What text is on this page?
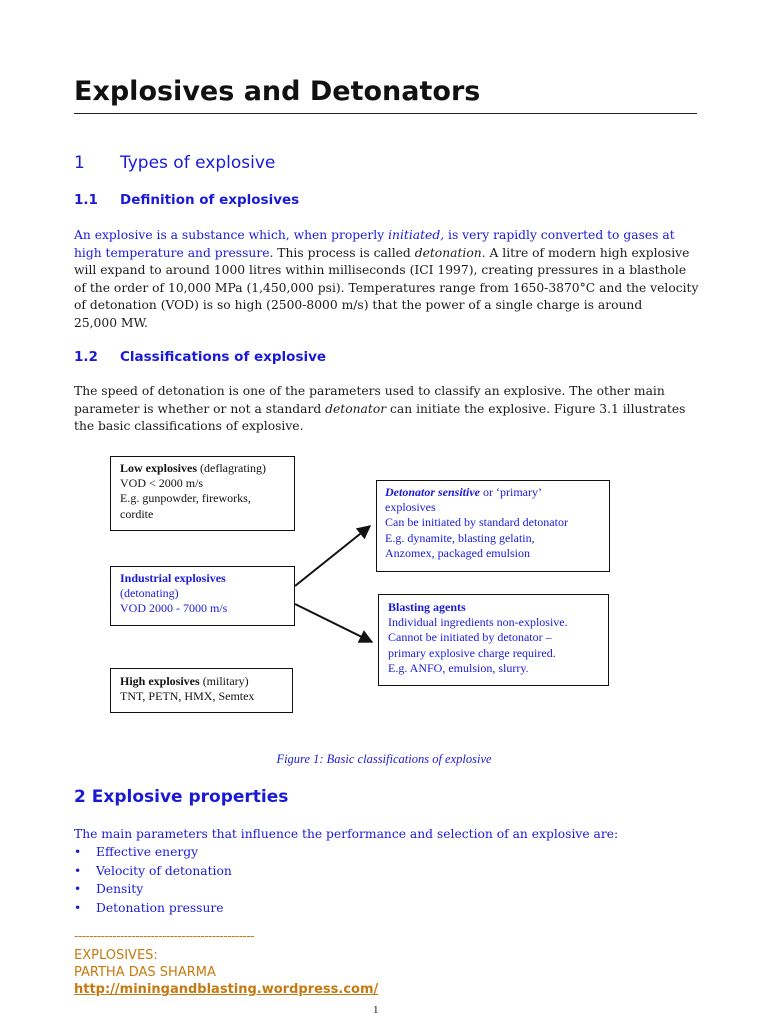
Explosives and Detonators
1 Types of explosive
1.1 Definition of explosives
An explosive is a substance which, when properly initiated, is very rapidly converted to gases at
high temperature and pressure. This process is called detonation. A litre of modern high explosive
will expand to around 1000 litres within milliseconds (ICI 1997), creating pressures in a blasthole
of the order of 10,000 MPa (1,450,000 psi). Temperatures range from 1650-3870°C and the velocity
of detonation (VOD) is so high (2500-8000 m/s) that the power of a single charge is around
25,000 MW.
1.2 Classifications of explosive
The speed of detonation is one of the parameters used to classify an explosive. The other main
parameter is whether or not a standard detonator can initiate the explosive. Figure 3.1 illustrates
the basic classifications of explosive.
Low explosives (deflagrating)
VOD < 2000 m/s
E.g. gunpowder, fireworks,
cordite
Industrial explosives
(detonating)
VOD 2000 - 7000 m/s
High explosives (military)
TNT, PETN, HMX, Semtex
Detonator sensitive or ‘primary’
explosives
Can be initiated by standard detonator
E.g. dynamite, blasting gelatin,
Anzomex, packaged emulsion
Blasting agents
Individual ingredients non-explosive.
Cannot be initiated by detonator –
primary explosive charge required.
E.g. ANFO, emulsion, slurry.

Figure 1: Basic classifications of explosive

2 Explosive properties
The main parameters that influence the performance and selection of an explosive are:
• Effective energy
• Velocity of detonation
• Density
• Detonation pressure
-----------------------------------------------
EXPLOSIVES:
PARTHA DAS SHARMA
http://miningandblasting.wordpress.com/
1
